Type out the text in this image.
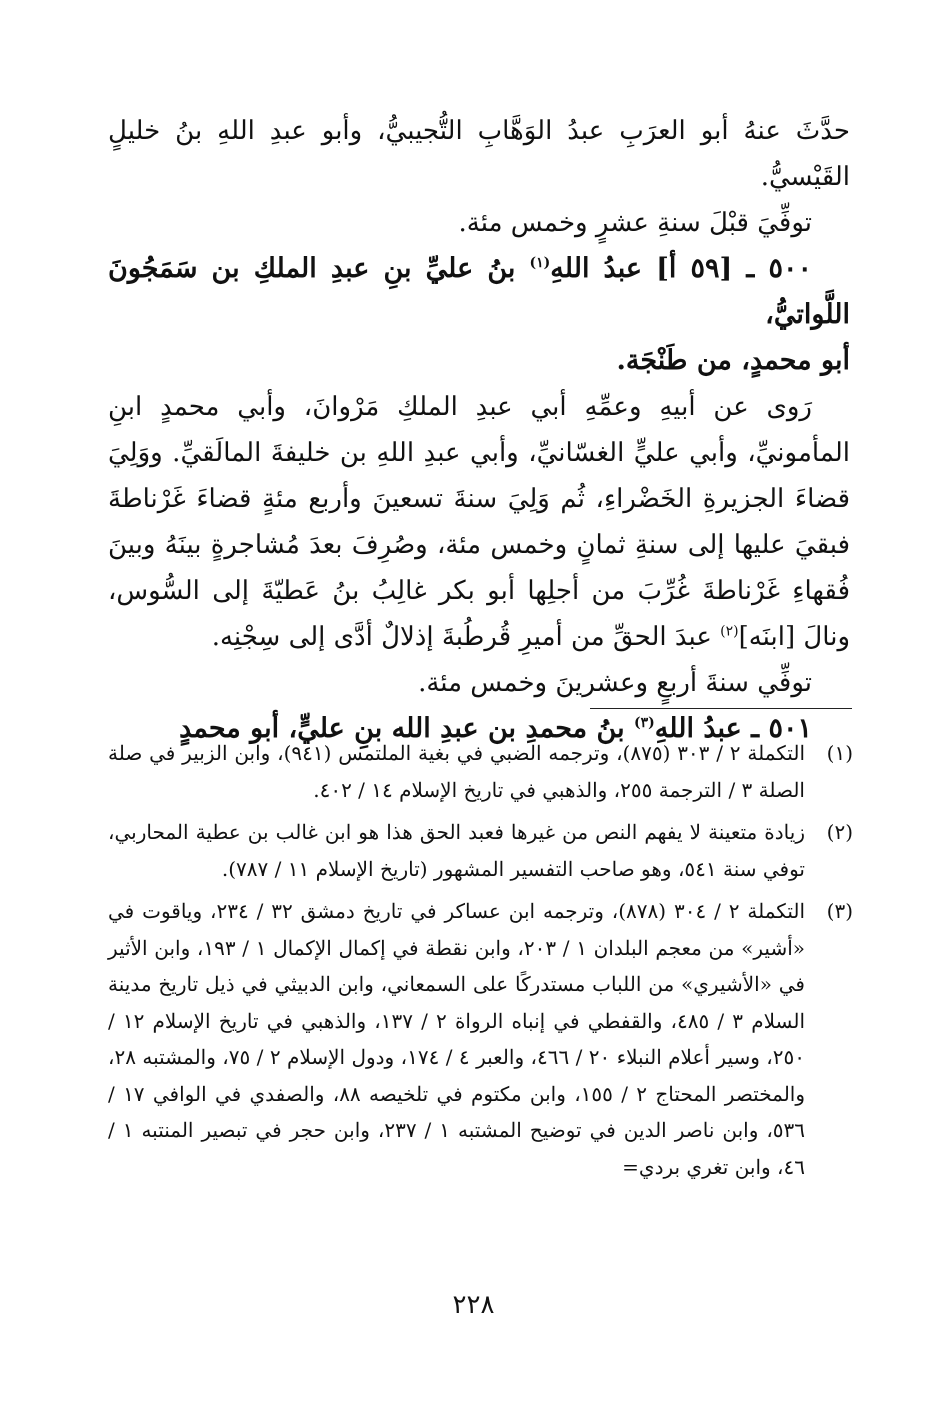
حدَّثَ عنهُ أبو العرَبِ عبدُ الوَهَّابِ التُّجيبيُّ، وأبو عبدِ اللهِ بنُ خليلٍ القَيْسيُّ.

توفِّيَ قبْلَ سنةِ عشرٍ وخمس مئة.

٥٠٠ ـ [٥٩ أ] عبدُ اللهِ$^{(١)}$ بنُ عليِّ بنِ عبدِ الملكِ بن سَمَجُونَ اللَّواتيُّ،

أبو محمدٍ، من طَنْجَة.

رَوى عن أبيهِ وعمِّهِ أبي عبدِ الملكِ مَرْوانَ، وأبي محمدٍ ابنِ المأمونيِّ، وأبي عليٍّ الغسّانيِّ، وأبي عبدِ اللهِ بن خليفةَ المالَقيِّ. ووَلِيَ قضاءَ الجزيرةِ الخَضْراءِ، ثُم وَلِيَ سنةَ تسعينَ وأربع مئةٍ قضاءَ غَرْناطةَ فبقيَ عليها إلى سنةِ ثمانٍ وخمس مئة، وصُرِفَ بعدَ مُشاجرةٍ بينَهُ وبينَ فُقهاءِ غَرْناطةَ غُرِّبَ من أجلِها أبو بكر غالِبُ بنُ عَطيّةَ إلى السُّوس، ونالَ [ابنَه]$^{(٢)}$ عبدَ الحقِّ من أميرِ قُرطُبةَ إذلالٌ أدَّى إلى سِجْنِه.

توفِّي سنةَ أربعٍ وعشرينَ وخمس مئة.

٥٠١ ـ عبدُ اللهِ$^{(٣)}$ بنُ محمدِ بن عبدِ الله بنِ عليٍّ، أبو محمدٍ

(١)
التكملة ٢ / ٣٠٣ (٨٧٥)، وترجمه الضبي في بغية الملتمس (٩٤١)، وابن الزبير في صلة الصلة ٣ / الترجمة ٢٥٥، والذهبي في تاريخ الإسلام ١٤ / ٤٠٢.
(٢)
زيادة متعينة لا يفهم النص من غيرها فعبد الحق هذا هو ابن غالب بن عطية المحاربي، توفي سنة ٥٤١، وهو صاحب التفسير المشهور (تاريخ الإسلام ١١ / ٧٨٧).
(٣)
التكملة ٢ / ٣٠٤ (٨٧٨)، وترجمه ابن عساكر في تاريخ دمشق ٣٢ / ٢٣٤، وياقوت في «أشير» من معجم البلدان ١ / ٢٠٣، وابن نقطة في إكمال الإكمال ١ / ١٩٣، وابن الأثير في «الأشيري» من اللباب مستدركًا على السمعاني، وابن الدبيثي في ذيل تاريخ مدينة السلام ٣ / ٤٨٥، والقفطي في إنباه الرواة ٢ / ١٣٧، والذهبي في تاريخ الإسلام ١٢ / ٢٥٠، وسير أعلام النبلاء ٢٠ / ٤٦٦، والعبر ٤ / ١٧٤، ودول الإسلام ٢ / ٧٥، والمشتبه ٢٨، والمختصر المحتاج ٢ / ١٥٥، وابن مكتوم في تلخيصه ٨٨، والصفدي في الوافي ١٧ / ٥٣٦، وابن ناصر الدين في توضيح المشتبه ١ / ٢٣٧، وابن حجر في تبصير المنتبه ١ / ٤٦، وابن تغري بردي=
٢٢٨
